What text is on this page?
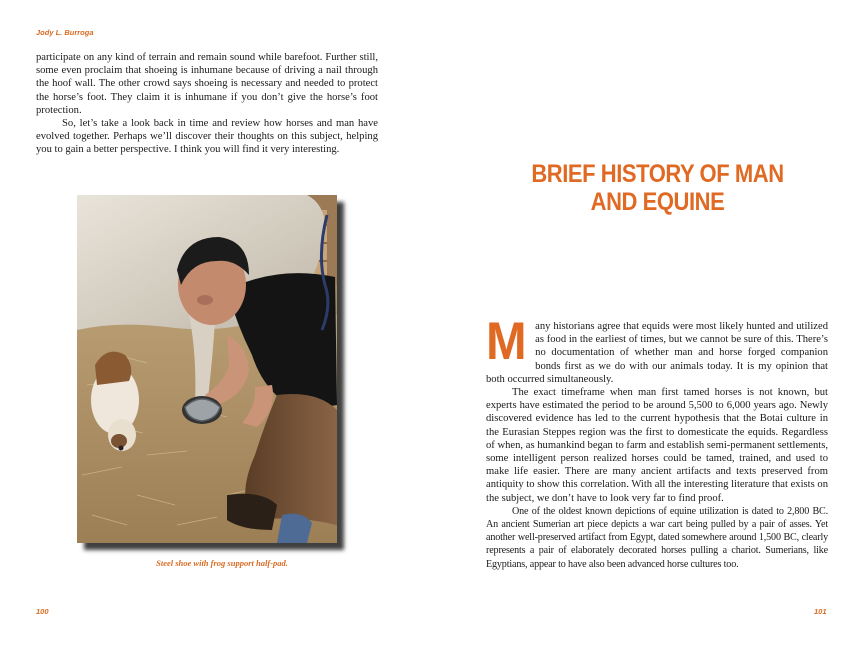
Jody L. Burroga

participate on any kind of terrain and remain sound while barefoot. Further still, some even proclaim that shoeing is inhumane because of driving a nail through the hoof wall. The other crowd says shoeing is necessary and needed to protect the horse’s foot. They claim it is inhumane if you don’t give the horse’s foot protection.

So, let’s take a look back in time and review how horses and man have evolved together. Perhaps we’ll discover their thoughts on this subject, helping you to gain a better perspective. I think you will find it very interesting.

Steel shoe with frog support half-pad.
100
BRIEF HISTORY OF MAN AND EQUINE

Many historians agree that equids were most likely hunted and utilized as food in the earliest of times, but we cannot be sure of this. There’s no documentation of whether man and horse forged companion bonds first as we do with our animals today. It is my opinion that both occurred simultaneously.

The exact timeframe when man first tamed horses is not known, but experts have estimated the period to be around 5,500 to 6,000 years ago. Newly discovered evidence has led to the current hypothesis that the Botai culture in the Eurasian Steppes region was the first to domesticate the equids. Regardless of when, as humankind began to farm and establish semi-permanent settlements, some intelligent person realized horses could be tamed, trained, and used to make life easier. There are many ancient artifacts and texts preserved from antiquity to show this correlation. With all the interesting literature that exists on the subject, we don’t have to look very far to find proof.

One of the oldest known depictions of equine utilization is dated to 2,800 BC. An ancient Sumerian art piece depicts a war cart being pulled by a pair of asses. Yet another well-preserved artifact from Egypt, dated somewhere around 1,500 BC, clearly represents a pair of elaborately decorated horses pulling a chariot. Sumerians, like Egyptians, appear to have also been advanced horse cultures too.

101
